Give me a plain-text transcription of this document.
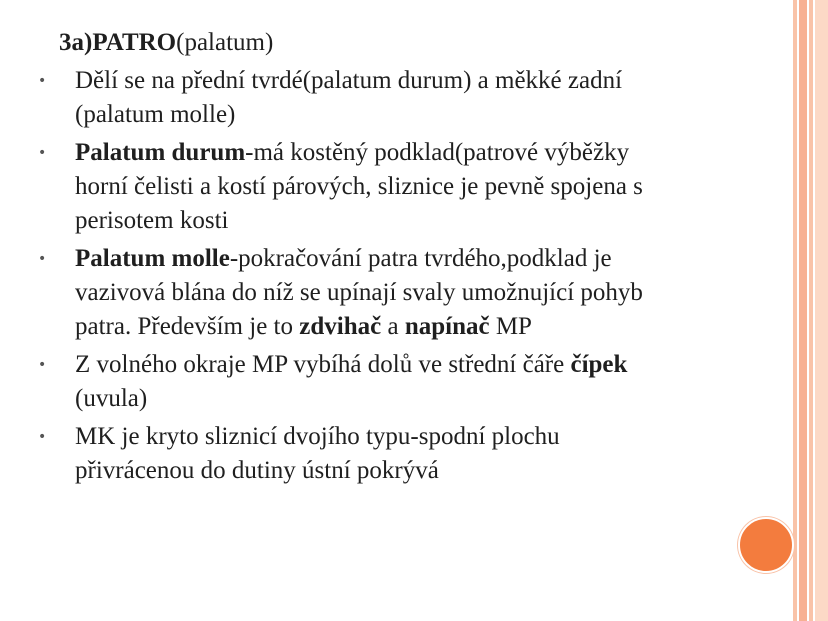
3a)PATRO(palatum)
• Dělí se na přední tvrdé(palatum durum) a měkké zadní
(palatum molle)
• Palatum durum-má kostěný podklad(patrové výběžky
horní čelisti a kostí párových, sliznice je pevně spojena s
perisotem kosti
• Palatum molle-pokračování patra tvrdého,podklad je
vazivová blána do níž se upínají svaly umožnující pohyb
patra. Především je to zdvihač a napínač MP
• Z volného okraje MP vybíhá dolů ve střední čáře čípek
(uvula)
• MK je kryto sliznicí dvojího typu-spodní plochu
přivrácenou do dutiny ústní pokrývá
